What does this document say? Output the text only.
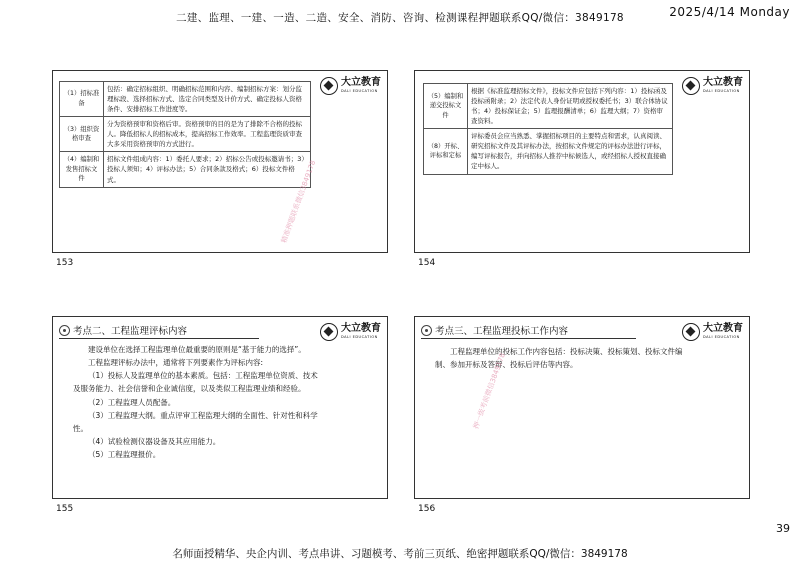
二建、监理、一建、一造、二造、安全、消防、咨询、检测课程押题联系QQ/微信：3849178	2025/4/14 Monday
大立教育
DALI EDUCATION
（1）招标准备	包括：确定招标组织、明确招标范围和内容、编制招标方案：划分监理标段、选择招标方式、选定合同类型及计价方式、确定投标人资格条件、安排招标工作进度等。
（3）组织资格审查	分为资格预审和资格后审。资格预审的目的是为了排除不合格的投标人。降低招标人的招标成本，提高招标工作效率。工程监理资质审查大多采用资格预审的方式进行。
（4）编制和发售招标文件	招标文件组成内容：1）委托人要求；2）招标公告或投标邀请书；3）投标人须知；4）评标办法；5）合同条款及格式；6）投标文件格式。	精准押题联系微信3849178
153
大立教育
DALI EDUCATION
（5）编制和递交投标文件	根据《标准监理招标文件》，投标文件应包括下列内容：1）投标函及投标函附录；2）法定代表人身份证明或授权委托书；3）联合体协议书；4）投标保证金；5）监理报酬清单；6）监理大纲；7）资格审查资料。
（8）开标、评标和定标	评标委员会应当熟悉、掌握招标项目的主要特点和需求，认真阅读、研究招标文件及其评标办法，按招标文件规定的评标办法进行评标，编写评标报告，并向招标人推荐中标候选人，或经招标人授权直接确定中标人。
154
考点二、工程监理评标内容	大立教育
DALI EDUCATION

建设单位在选择工程监理单位最重要的原则是“基于能力的选择”。

工程监理评标办法中，通常将下列要素作为评标内容:

（1）投标人及监理单位的基本素质。包括：工程监理单位资质、技术及服务能力、社会信誉和企业诚信度，以及类似工程监理业绩和经验。

（2）工程监理人员配备。

（3）工程监理大纲。重点评审工程监理大纲的全面性、针对性和科学性。

（4）试验检测仪器设备及其应用能力。

（5）工程监理报价。

155
考点三、工程监理投标工作内容	大立教育
DALI EDUCATION

工程监理单位的投标工作内容包括：投标决策、投标策划、投标文件编制、参加开标及答辩、投标后评估等内容。

押一级考前微信3849178
156
39
名师面授精华、央企内训、考点串讲、习题模考、考前三页纸、绝密押题联系QQ/微信：3849178
